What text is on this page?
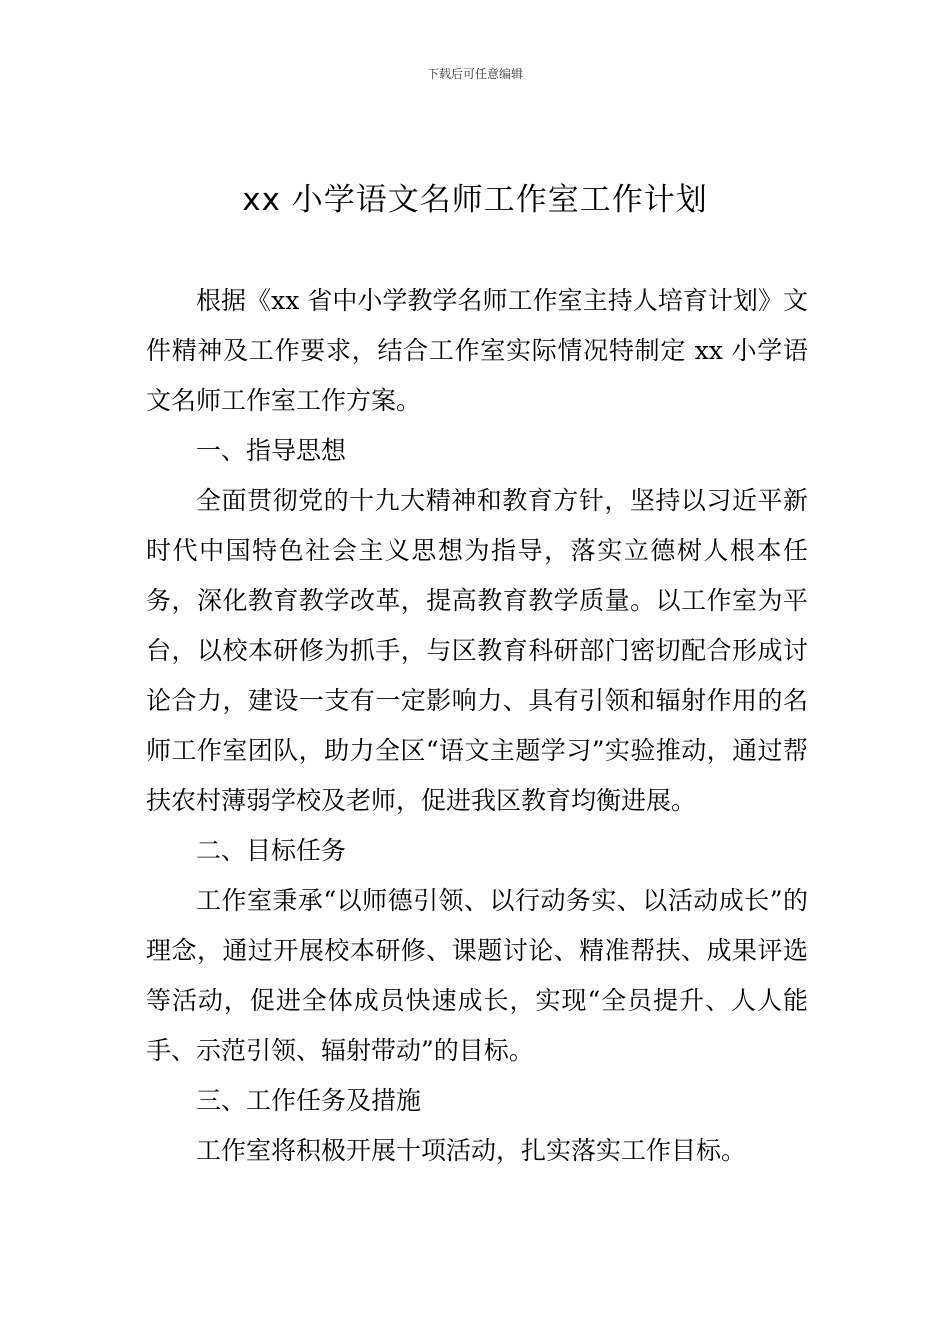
下载后可任意编辑
xx 小学语文名师工作室工作计划

根据《xx 省中小学教学名师工作室主持人培育计划》文件精神及工作要求，结合工作室实际情况特制定 xx 小学语文名师工作室工作方案。

一、指导思想

全面贯彻党的十九大精神和教育方针，坚持以习近平新时代中国特色社会主义思想为指导，落实立德树人根本任务，深化教育教学改革，提高教育教学质量。以工作室为平台，以校本研修为抓手，与区教育科研部门密切配合形成讨论合力，建设一支有一定影响力、具有引领和辐射作用的名师工作室团队，助力全区“语文主题学习”实验推动，通过帮扶农村薄弱学校及老师，促进我区教育均衡进展。

二、目标任务

工作室秉承“以师德引领、以行动务实、以活动成长”的理念，通过开展校本研修、课题讨论、精准帮扶、成果评选等活动，促进全体成员快速成长，实现“全员提升、人人能手、示范引领、辐射带动”的目标。

三、工作任务及措施

工作室将积极开展十项活动，扎实落实工作目标。
